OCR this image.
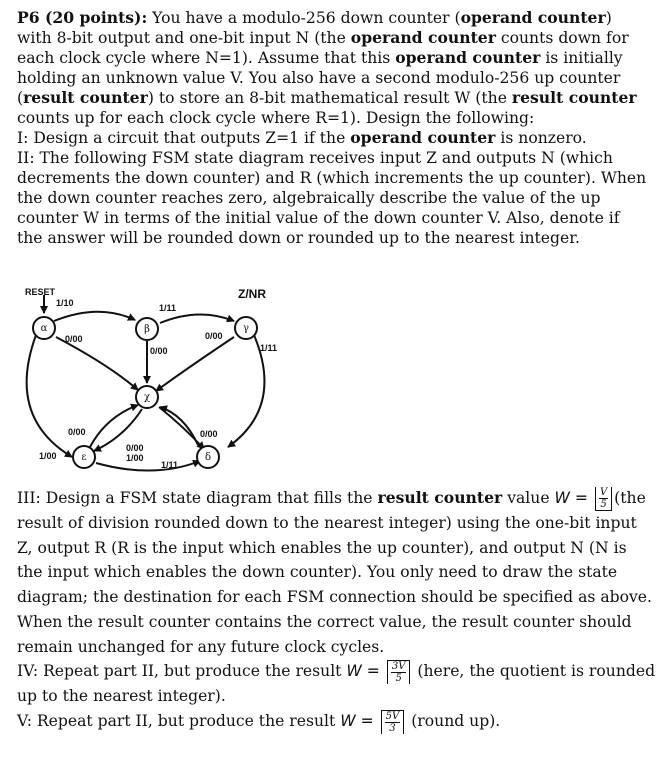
P6 (20 points): You have a modulo-256 down counter (operand counter) with 8-bit output and one-bit input N (the operand counter counts down for each clock cycle where N=1). Assume that this operand counter is initially holding an unknown value V. You also have a second modulo-256 up counter (result counter) to store an 8-bit mathematical result W (the result counter counts up for each clock cycle where R=1). Design the following:

I: Design a circuit that outputs Z=1 if the operand counter is nonzero.

II: The following FSM state diagram receives input Z and outputs N (which decrements the down counter) and R (which increments the up counter). When the down counter reaches zero, algebraically describe the value of the up counter W in terms of the initial value of the down counter V. Also, denote if the answer will be rounded down or rounded up to the nearest integer.

α	β	γ
χ
ε	δ
RESET	Z/NR
1/10	1/11
0/00
0/00
0/00
1/11
0/00
1/00
0/00
1/00
0/00
1/11

III: Design a FSM state diagram that fills the result counter value $W = \frac{V}{5} (the$ result of division rounded down to the nearest integer) using the one-bit input Z, output R (R is the input which enables the up counter), and output N (N is the input which enables the down counter). You only need to draw the state diagram; the destination for each FSM connection should be specified as above. When the result counter contains the correct value, the result counter should remain unchanged for any future clock cycles.

IV: Repeat part II, but produce the result $W = \frac{3V}{5}$ (here, the quotient is rounded up to the nearest integer).

V: Repeat part II, but produce the result $W = \frac{5V}{3}$ (round up).
